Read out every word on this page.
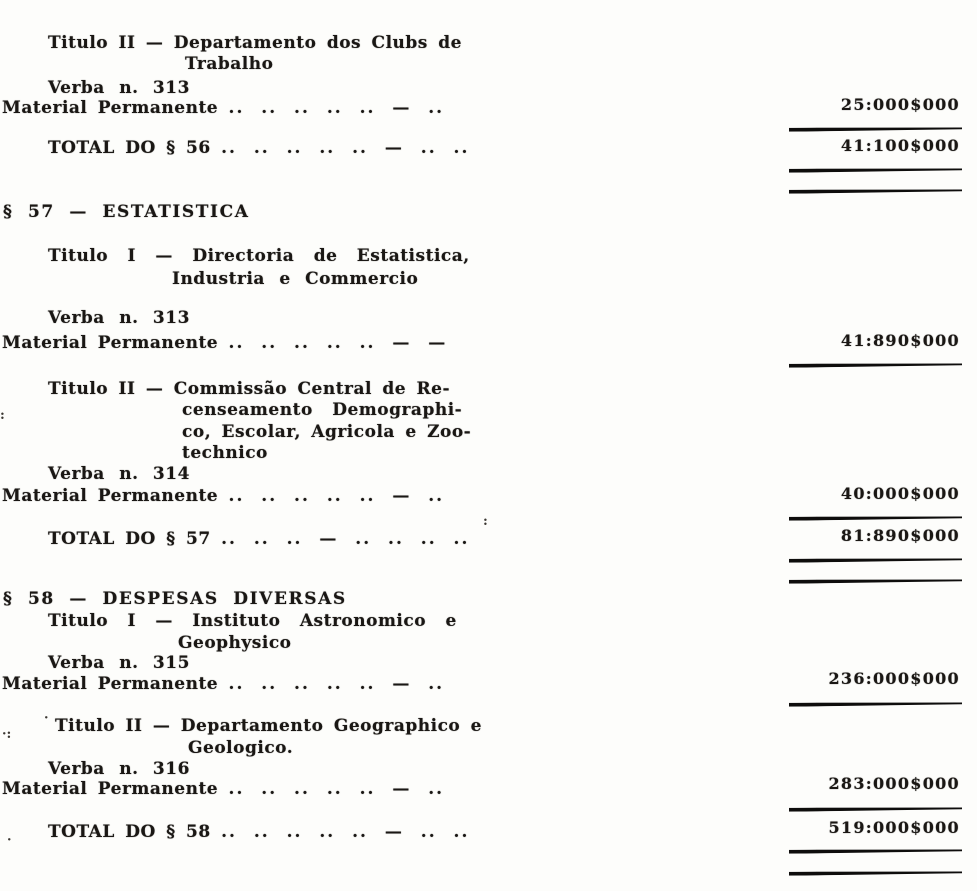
Titulo II — Departamento dos Clubs de
Trabalho
Verba n. 313
Material Permanente .. .. .. .. .. — ..	25:000$000
TOTAL DO § 56 .. .. .. .. .. — .. ..	41:100$000
§ 57 — ESTATISTICA
Titulo I — Directoria de Estatistica,
Industria e Commercio
Verba n. 313
Material Permanente .. .. .. .. .. — —	41:890$000
Titulo II — Commissão Central de Re-
censeamento Demographi-
co, Escolar, Agricola e Zoo-
technico
Verba n. 314
Material Permanente .. .. .. .. .. — ..	40:000$000
TOTAL DO § 57 .. .. .. — .. .. .. ..	81:890$000
§ 58 — DESPESAS DIVERSAS
Titulo I — Instituto Astronomico e
Geophysico
Verba n. 315
Material Permanente .. .. .. .. .. — ..	236:000$000
Titulo II — Departamento Geographico e
Geologico.
Verba n. 316
Material Permanente .. .. .. .. .. — ..	283:000$000
TOTAL DO § 58 .. .. .. .. .. — .. ..	519:000$000
:
·:
·
:
·
